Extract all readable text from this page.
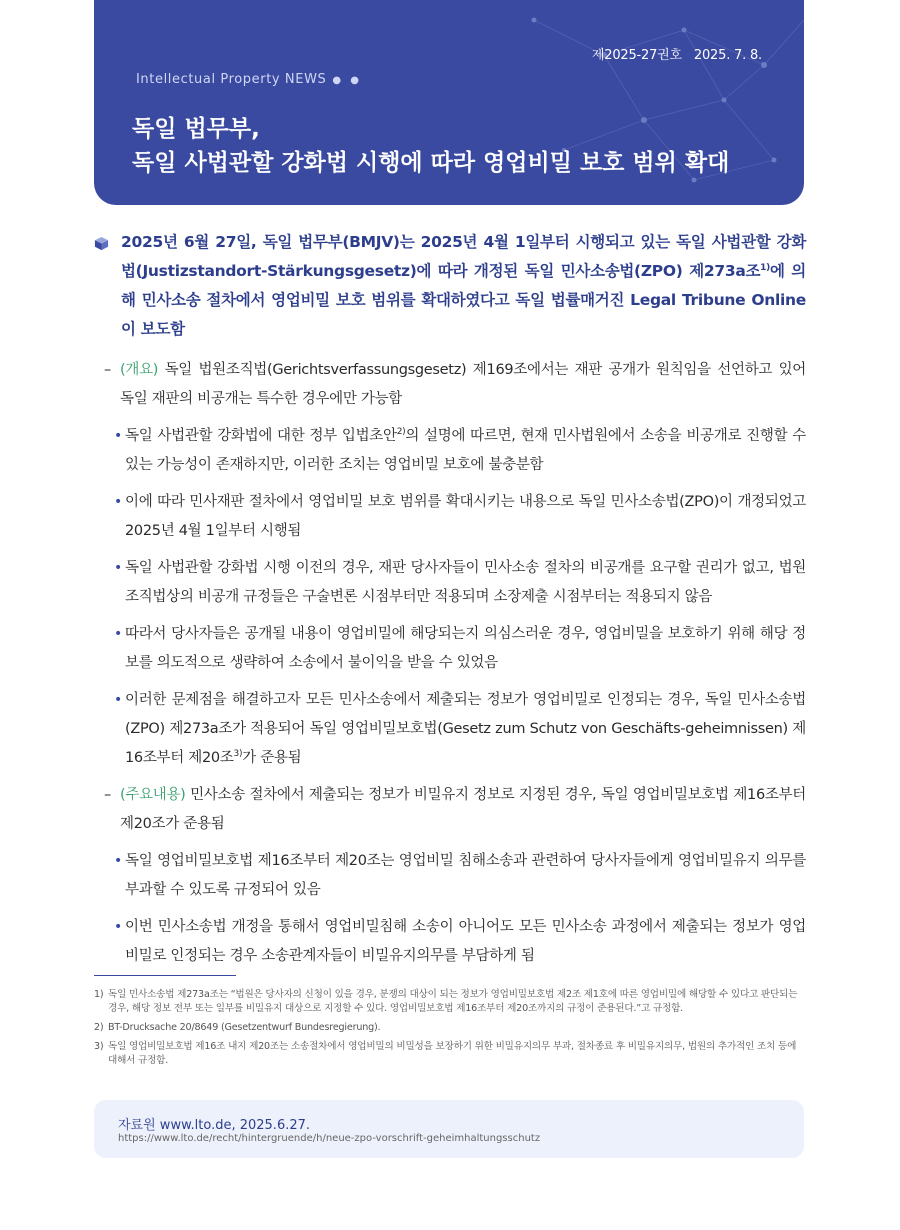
제2025-27권호 2025. 7. 8.
Intellectual Property NEWS ● ●
독일 법무부,
독일 사법관할 강화법 시행에 따라 영업비밀 보호 범위 확대

2025년 6월 27일, 독일 법무부(BMJV)는 2025년 4월 1일부터 시행되고 있는 독일 사법관할 강화법(Justizstandort-Stärkungsgesetz)에 따라 개정된 독일 민사소송법(ZPO) 제273a조$^{1)}$에 의해 민사소송 절차에서 영업비밀 보호 범위를 확대하였다고 독일 법률매거진 Legal Tribune Online이 보도함

– (개요) 독일 법원조직법(Gerichtsverfassungsgesetz) 제169조에서는 재판 공개가 원칙임을 선언하고 있어 독일 재판의 비공개는 특수한 경우에만 가능함

• 독일 사법관할 강화법에 대한 정부 입법초안$^{2)}$의 설명에 따르면, 현재 민사법원에서 소송을 비공개로 진행할 수 있는 가능성이 존재하지만, 이러한 조치는 영업비밀 보호에 불충분함

• 이에 따라 민사재판 절차에서 영업비밀 보호 범위를 확대시키는 내용으로 독일 민사소송법(ZPO)이 개정되었고 2025년 4월 1일부터 시행됨

• 독일 사법관할 강화법 시행 이전의 경우, 재판 당사자들이 민사소송 절차의 비공개를 요구할 권리가 없고, 법원조직법상의 비공개 규정들은 구술변론 시점부터만 적용되며 소장제출 시점부터는 적용되지 않음

• 따라서 당사자들은 공개될 내용이 영업비밀에 해당되는지 의심스러운 경우, 영업비밀을 보호하기 위해 해당 정보를 의도적으로 생략하여 소송에서 불이익을 받을 수 있었음

• 이러한 문제점을 해결하고자 모든 민사소송에서 제출되는 정보가 영업비밀로 인정되는 경우, 독일 민사소송법(ZPO) 제273a조가 적용되어 독일 영업비밀보호법(Gesetz zum Schutz von Geschäfts-geheimnissen) 제16조부터 제20조$^{3)}$가 준용됨

– (주요내용) 민사소송 절차에서 제출되는 정보가 비밀유지 정보로 지정된 경우, 독일 영업비밀보호법 제16조부터 제20조가 준용됨

• 독일 영업비밀보호법 제16조부터 제20조는 영업비밀 침해소송과 관련하여 당사자들에게 영업비밀유지 의무를 부과할 수 있도록 규정되어 있음

• 이번 민사소송법 개정을 통해서 영업비밀침해 소송이 아니어도 모든 민사소송 과정에서 제출되는 정보가 영업비밀로 인정되는 경우 소송관계자들이 비밀유지의무를 부담하게 됨

1) 독일 민사소송법 제273a조는 “법원은 당사자의 신청이 있을 경우, 분쟁의 대상이 되는 정보가 영업비밀보호법 제2조 제1호에 따른 영업비밀에 해당할 수 있다고 판단되는 경우, 해당 정보 전부 또는 일부를 비밀유지 대상으로 지정할 수 있다. 영업비밀보호법 제16조부터 제20조까지의 규정이 준용된다.”고 규정함.
2) BT-Drucksache 20/8649 (Gesetzentwurf Bundesregierung).
3) 독일 영업비밀보호법 제16조 내지 제20조는 소송절차에서 영업비밀의 비밀성을 보장하기 위한 비밀유지의무 부과, 절차종료 후 비밀유지의무, 법원의 추가적인 조치 등에 대해서 규정함.
자료원 www.lto.de, 2025.6.27.
https://www.lto.de/recht/hintergruende/h/neue-zpo-vorschrift-geheimhaltungsschutz
